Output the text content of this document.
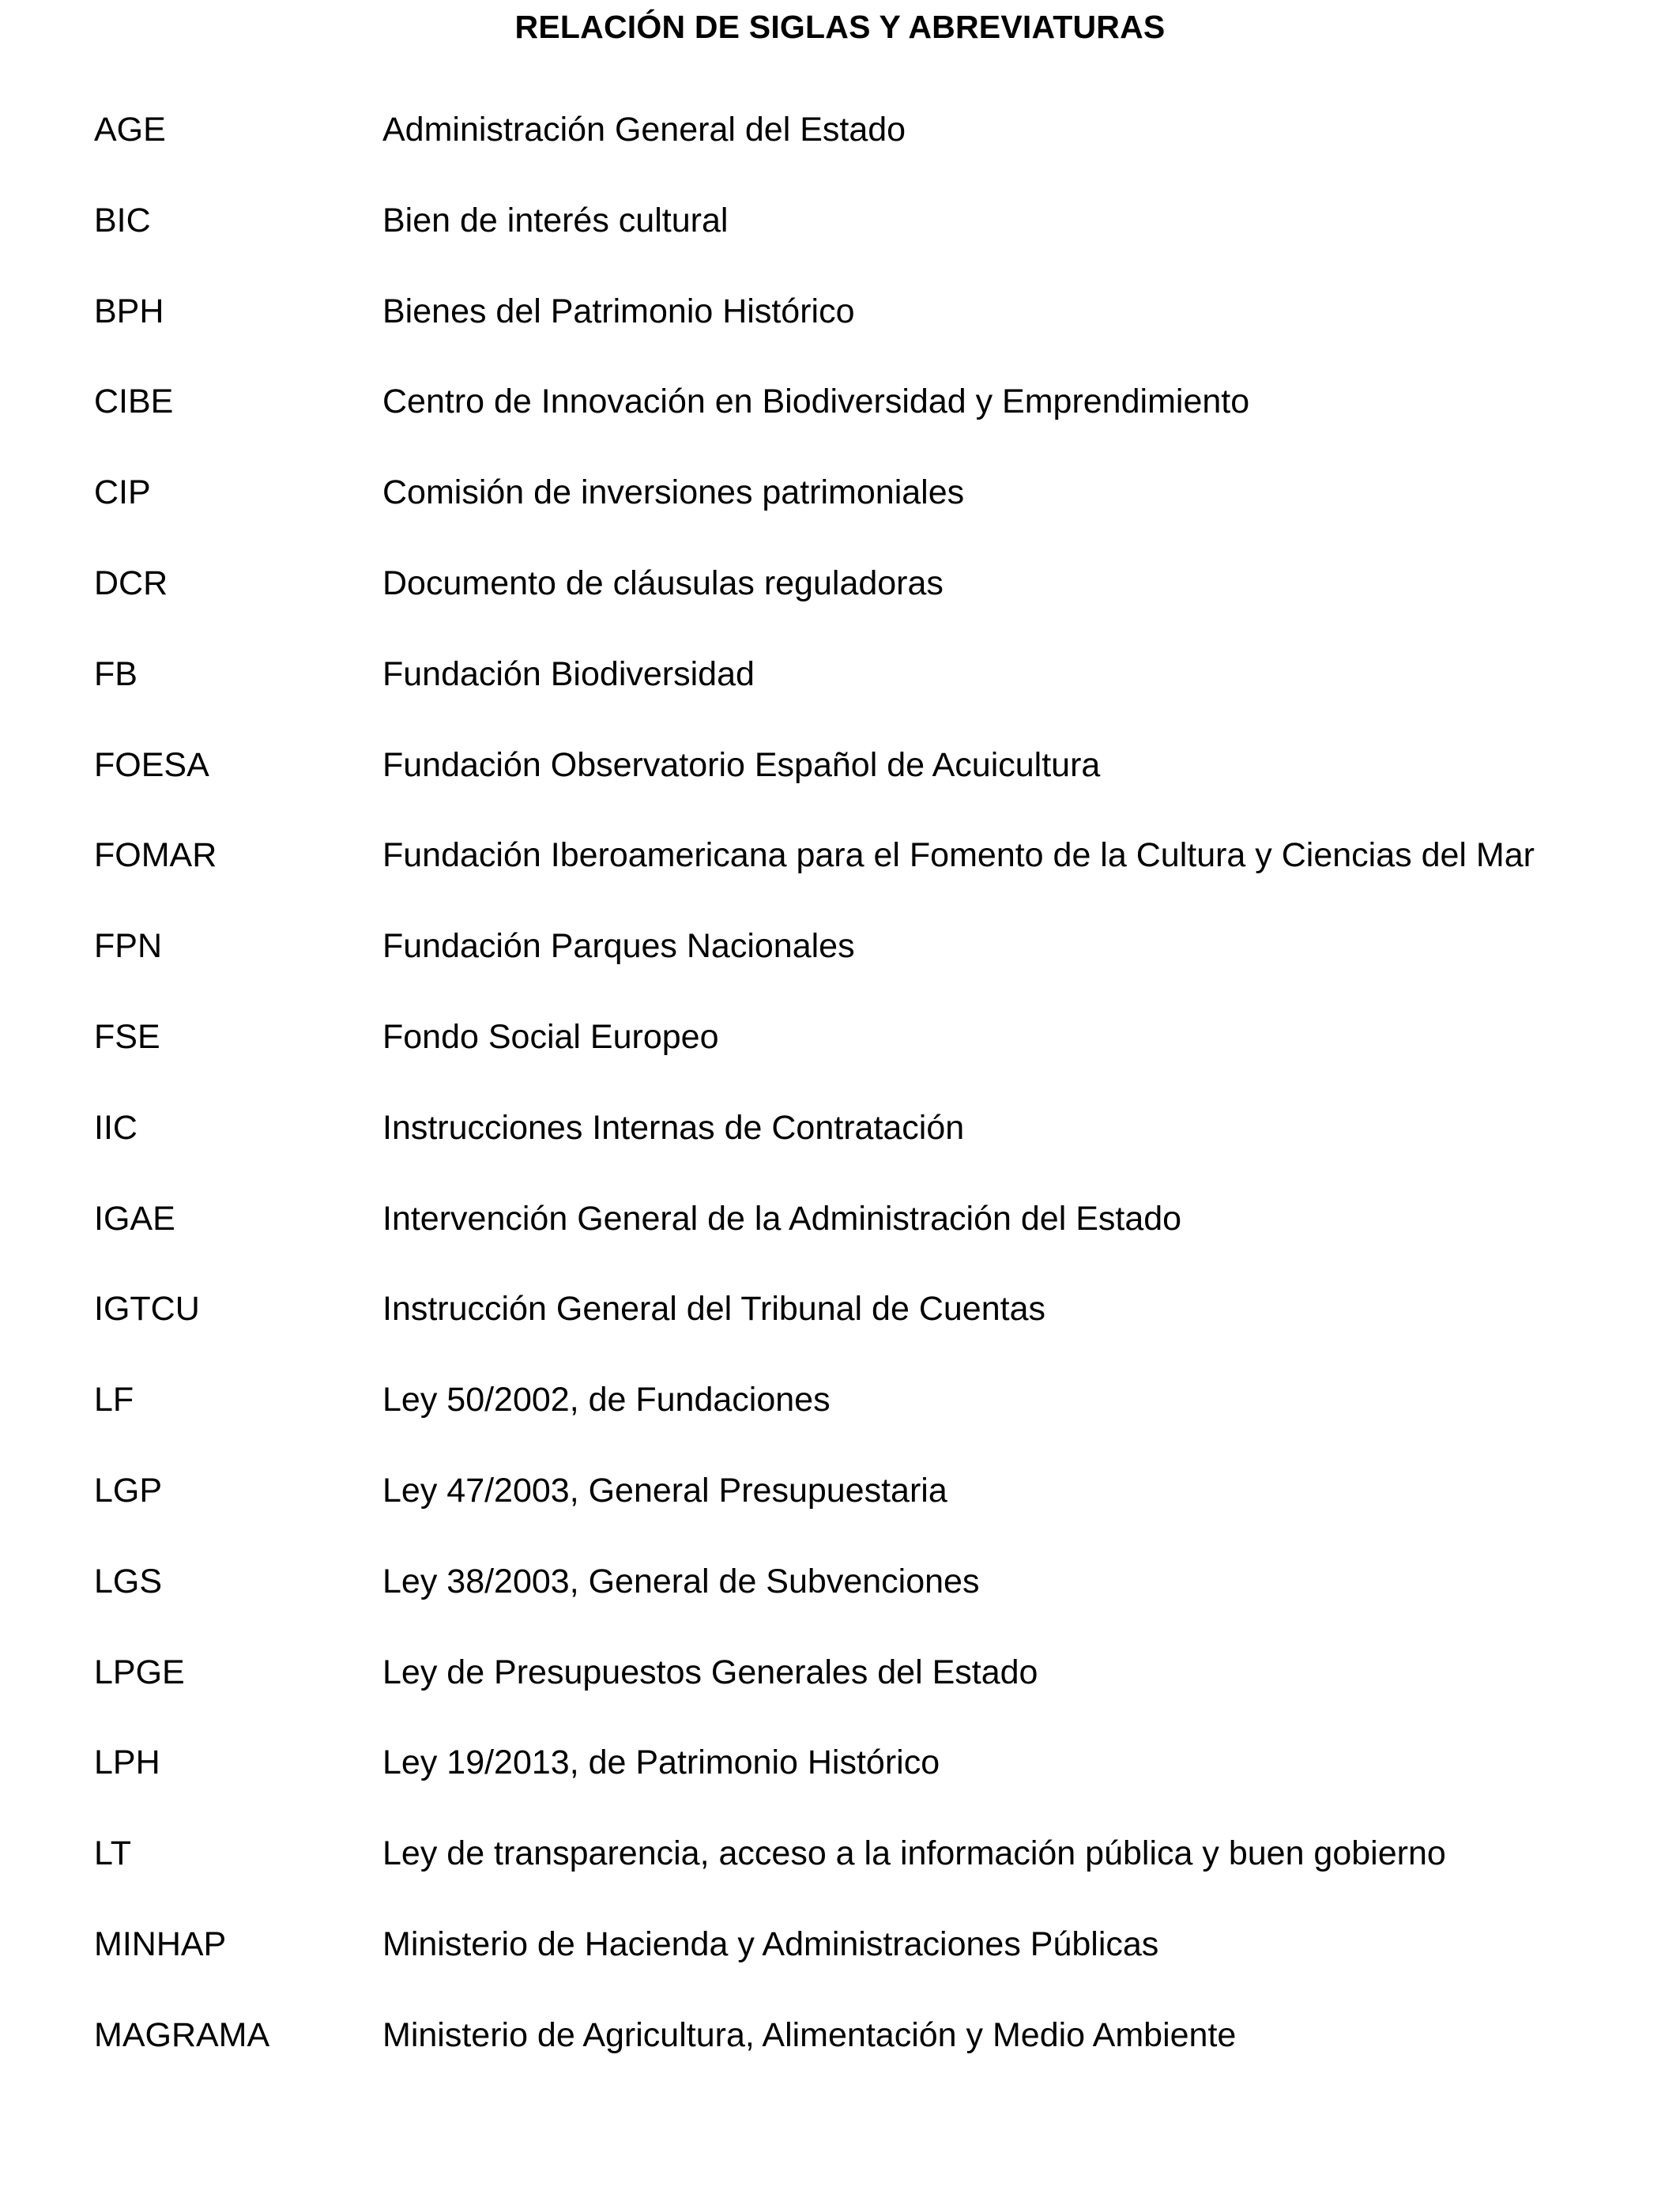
RELACIÓN DE SIGLAS Y ABREVIATURAS
AGE	Administración General del Estado
BIC	Bien de interés cultural
BPH	Bienes del Patrimonio Histórico
CIBE	Centro de Innovación en Biodiversidad y Emprendimiento
CIP	Comisión de inversiones patrimoniales
DCR	Documento de cláusulas reguladoras
FB	Fundación Biodiversidad
FOESA	Fundación Observatorio Español de Acuicultura
FOMAR	Fundación Iberoamericana para el Fomento de la Cultura y Ciencias del Mar
FPN	Fundación Parques Nacionales
FSE	Fondo Social Europeo
IIC	Instrucciones Internas de Contratación
IGAE	Intervención General de la Administración del Estado
IGTCU	Instrucción General del Tribunal de Cuentas
LF	Ley 50/2002, de Fundaciones
LGP	Ley 47/2003, General Presupuestaria
LGS	Ley 38/2003, General de Subvenciones
LPGE	Ley de Presupuestos Generales del Estado
LPH	Ley 19/2013, de Patrimonio Histórico
LT	Ley de transparencia, acceso a la información pública y buen gobierno
MINHAP	Ministerio de Hacienda y Administraciones Públicas
MAGRAMA	Ministerio de Agricultura, Alimentación y Medio Ambiente
